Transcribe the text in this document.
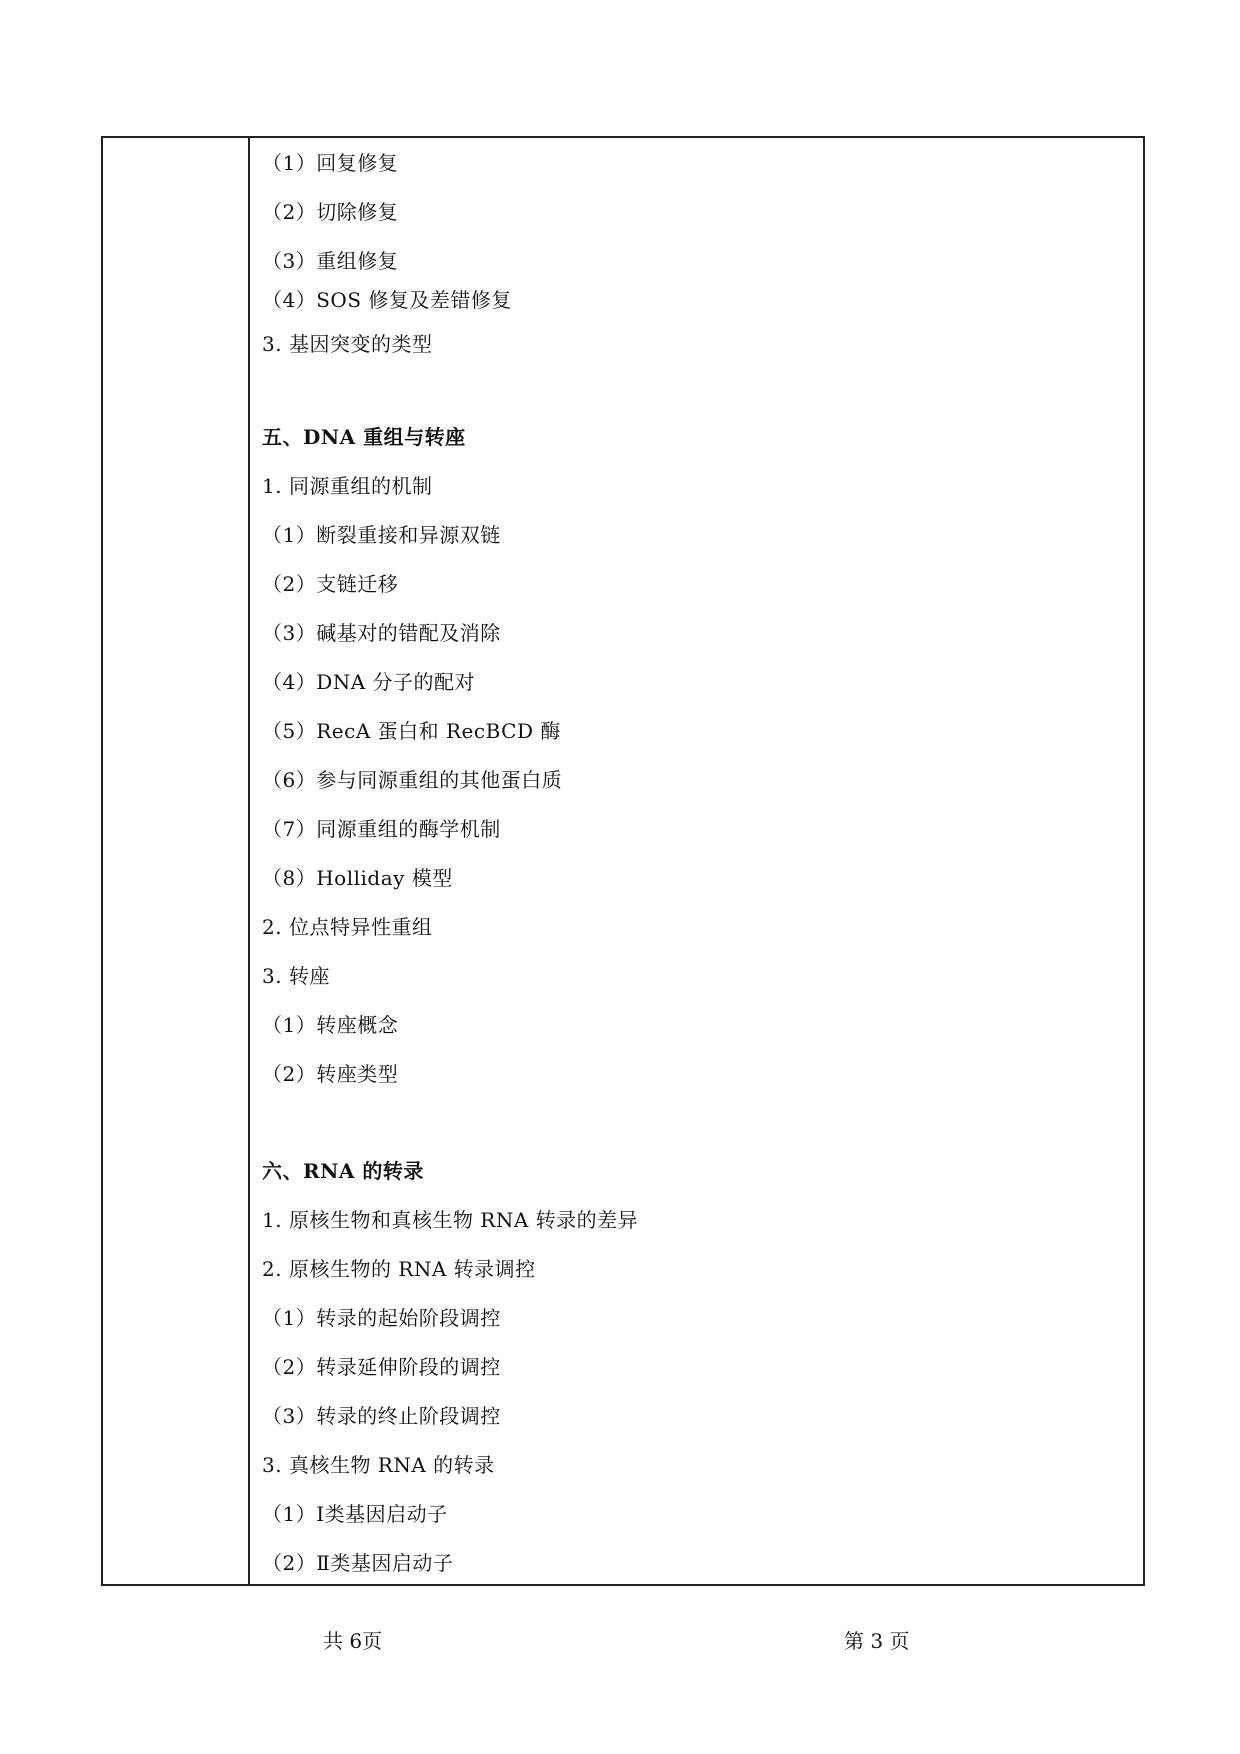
（1）回复修复
（2）切除修复
（3）重组修复
（4）SOS 修复及差错修复
3. 基因突变的类型
五、DNA 重组与转座
1. 同源重组的机制
（1）断裂重接和异源双链
（2）支链迁移
（3）碱基对的错配及消除
（4）DNA 分子的配对
（5）RecA 蛋白和 RecBCD 酶
（6）参与同源重组的其他蛋白质
（7）同源重组的酶学机制
（8）Holliday 模型
2. 位点特异性重组
3. 转座
（1）转座概念
（2）转座类型
六、RNA 的转录
1. 原核生物和真核生物 RNA 转录的差异
2. 原核生物的 RNA 转录调控
（1）转录的起始阶段调控
（2）转录延伸阶段的调控
（3）转录的终止阶段调控
3. 真核生物 RNA 的转录
（1）Ⅰ类基因启动子
（2）Ⅱ类基因启动子
共 6页	第 3 页
